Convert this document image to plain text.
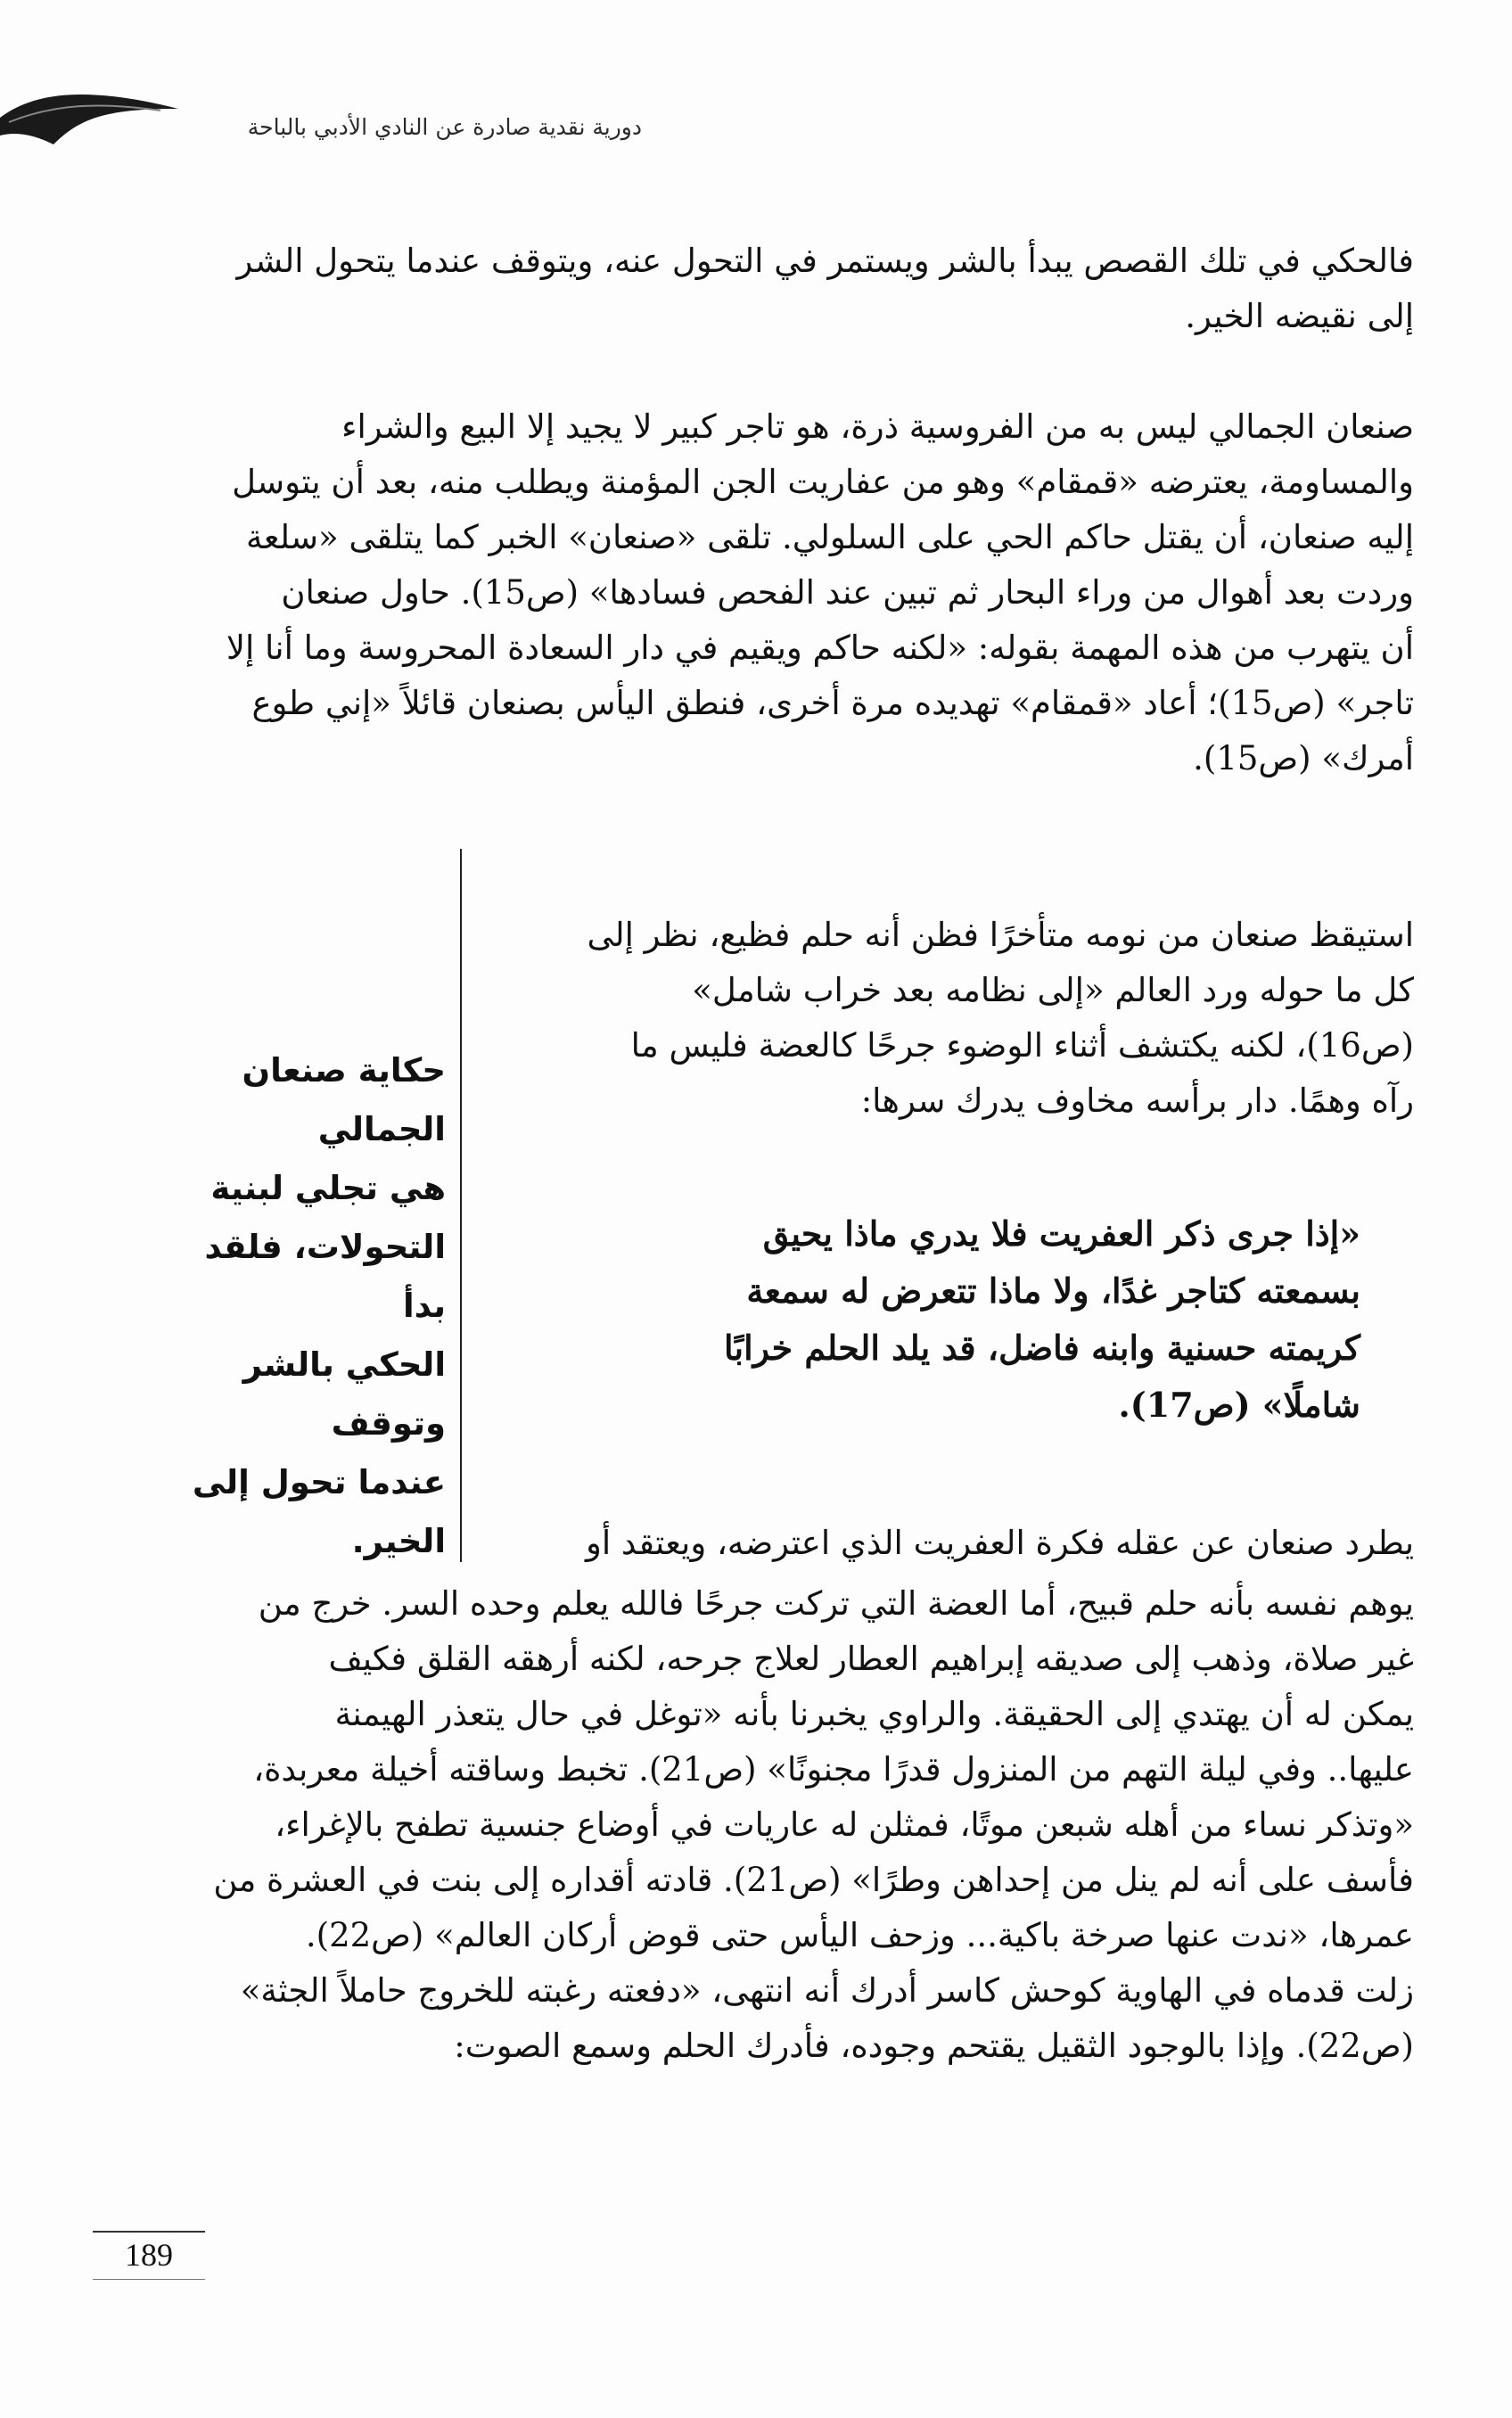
دورية نقدية صادرة عن النادي الأدبي بالباحة
فالحكي في تلك القصص يبدأ بالشر ويستمر في التحول عنه، ويتوقف عندما يتحول الشر
إلى نقيضه الخير.
صنعان الجمالي ليس به من الفروسية ذرة، هو تاجر كبير لا يجيد إلا البيع والشراء
والمساومة، يعترضه «قمقام» وهو من عفاريت الجن المؤمنة ويطلب منه، بعد أن يتوسل
إليه صنعان، أن يقتل حاكم الحي على السلولي. تلقى «صنعان» الخبر كما يتلقى «سلعة
وردت بعد أهوال من وراء البحار ثم تبين عند الفحص فسادها» (ص15). حاول صنعان
أن يتهرب من هذه المهمة بقوله: «لكنه حاكم ويقيم في دار السعادة المحروسة وما أنا إلا
تاجر» (ص15)؛ أعاد «قمقام» تهديده مرة أخرى، فنطق اليأس بصنعان قائلاً «إني طوع
أمرك» (ص15).
حكاية صنعان الجمالي
هي تجلي لبنية
التحولات، فلقد بدأ
الحكي بالشر وتوقف
عندما تحول إلى
الخير.
استيقظ صنعان من نومه متأخرًا فظن أنه حلم فظيع، نظر إلى
كل ما حوله ورد العالم «إلى نظامه بعد خراب شامل»
(ص16)، لكنه يكتشف أثناء الوضوء جرحًا كالعضة فليس ما
رآه وهمًا. دار برأسه مخاوف يدرك سرها:
«إذا جرى ذكر العفريت فلا يدري ماذا يحيق
بسمعته كتاجر غدًا، ولا ماذا تتعرض له سمعة
كريمته حسنية وابنه فاضل، قد يلد الحلم خرابًا
شاملًا» (ص17).
يطرد صنعان عن عقله فكرة العفريت الذي اعترضه، ويعتقد أو
يوهم نفسه بأنه حلم قبيح، أما العضة التي تركت جرحًا فالله يعلم وحده السر. خرج من
غير صلاة، وذهب إلى صديقه إبراهيم العطار لعلاج جرحه، لكنه أرهقه القلق فكيف
يمكن له أن يهتدي إلى الحقيقة. والراوي يخبرنا بأنه «توغل في حال يتعذر الهيمنة
عليها.. وفي ليلة التهم من المنزول قدرًا مجنونًا» (ص21). تخبط وساقته أخيلة معربدة،
«وتذكر نساء من أهله شبعن موتًا، فمثلن له عاريات في أوضاع جنسية تطفح بالإغراء،
فأسف على أنه لم ينل من إحداهن وطرًا» (ص21). قادته أقداره إلى بنت في العشرة من
عمرها، «ندت عنها صرخة باكية... وزحف اليأس حتى قوض أركان العالم» (ص22).
زلت قدماه في الهاوية كوحش كاسر أدرك أنه انتهى، «دفعته رغبته للخروج حاملاً الجثة»
(ص22). وإذا بالوجود الثقيل يقتحم وجوده، فأدرك الحلم وسمع الصوت:
189
